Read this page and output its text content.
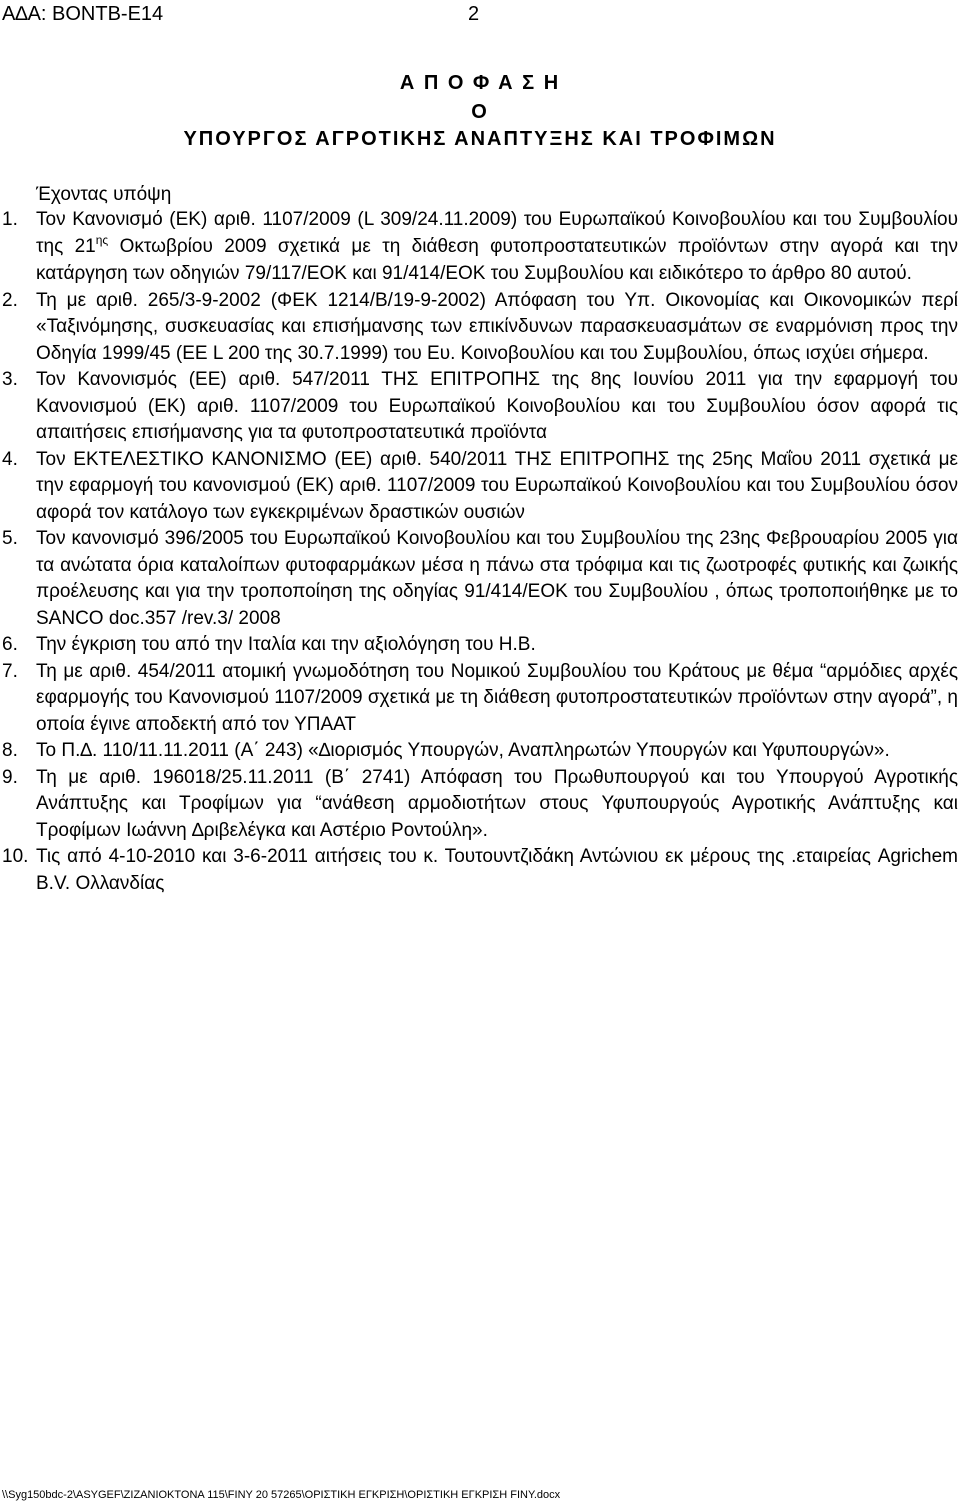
Α∆Α: ΒΟΝΤΒ-Ε14	2
Α Π Ο Φ Α Σ Η
Ο
ΥΠΟΥΡΓΟΣ ΑΓΡΟΤΙΚΗΣ ΑΝΑΠΤΥΞΗΣ ΚΑΙ ΤΡΟΦΙΜΩΝ
Έχοντας υπόψη
1. Τον Κανονισμό (ΕΚ) αριθ. 1107/2009 (L 309/24.11.2009) του Ευρωπαϊκού Κοινοβουλίου και του Συμβουλίου της $21^{\eta\varsigma}$ Οκτωβρίου 2009 σχετικά με τη διάθεση φυτοπροστατευτικών προϊόντων στην αγορά και την κατάργηση των οδηγιών 79/117/ΕΟΚ και 91/414/ΕΟΚ του Συμβουλίου και ειδικότερο το άρθρο 80 αυτού.
2. Τη με αριθ. 265/3-9-2002 (ΦΕΚ 1214/Β/19-9-2002) Απόφαση του Υπ. Οικονομίας και Οικονομικών περί «Ταξινόμησης, συσκευασίας και επισήμανσης των επικίνδυνων παρασκευασμάτων σε εναρμόνιση προς την Οδηγία 1999/45 (ΕΕ L 200 της 30.7.1999) του Ευ. Κοινοβουλίου και του Συμβουλίου, όπως ισχύει σήμερα.
3. Τον Κανονισμός (ΕΕ) αριθ. 547/2011 ΤΗΣ ΕΠΙΤΡΟΠΗΣ της 8ης Ιουνίου 2011 για την εφαρμογή του Κανονισμού (ΕΚ) αριθ. 1107/2009 του Ευρωπαϊκού Κοινοβουλίου και του Συμβουλίου όσον αφορά τις απαιτήσεις επισήμανσης για τα φυτοπροστατευτικά προϊόντα
4. Τον ΕΚΤΕΛΕΣΤΙΚΟ ΚΑΝΟΝΙΣΜΟ (ΕΕ) αριθ. 540/2011 ΤΗΣ ΕΠΙΤΡΟΠΗΣ της 25ης Μαΐου 2011 σχετικά με την εφαρμογή του κανονισμού (ΕΚ) αριθ. 1107/2009 του Ευρωπαϊκού Κοινοβουλίου και του Συμβουλίου όσον αφορά τον κατάλογο των εγκεκριμένων δραστικών ουσιών
5. Τον κανονισμό 396/2005 του Ευρωπαϊκού Κοινοβουλίου και του Συμβουλίου της 23ης Φεβρουαρίου 2005 για τα ανώτατα όρια καταλοίπων φυτοφαρμάκων μέσα η πάνω στα τρόφιμα και τις ζωοτροφές φυτικής και ζωικής προέλευσης και για την τροποποίηση της οδηγίας 91/414/ΕΟΚ του Συμβουλίου , όπως τροποποιήθηκε με το SANCO doc.357 /rev.3/ 2008
6. Την έγκριση του από την Ιταλία και την αξιολόγηση του Η.Β.
7. Τη με αριθ. 454/2011 ατομική γνωμοδότηση του Νομικού Συμβουλίου του Κράτους με θέμα “αρμόδιες αρχές εφαρμογής του Κανονισμού 1107/2009 σχετικά με τη διάθεση φυτοπροστατευτικών προϊόντων στην αγορά”, η οποία έγινε αποδεκτή από τον ΥΠΑΑΤ
8. Το Π.∆. 110/11.11.2011 (Α΄ 243) «∆ιορισμός Υπουργών, Αναπληρωτών Υπουργών και Υφυπουργών».
9. Τη με αριθ. 196018/25.11.2011 (Β΄ 2741) Απόφαση του Πρωθυπουργού και του Υπουργού Αγροτικής Ανάπτυξης και Τροφίμων για “ανάθεση αρμοδιοτήτων στους Υφυπουργούς Αγροτικής Ανάπτυξης και Τροφίμων Ιωάννη ∆ριβελέγκα και Αστέριο Ροντούλη».
10. Τις από 4-10-2010 και 3-6-2011 αιτήσεις του κ. Τουτουντζιδάκη Αντώνιου εκ μέρους της .εταιρείας Agrichem B.V. Ολλανδίας
\\Syg150bdc-2\ASYGEF\ZIZANIOKTONA 115\FINY 20 57265\ΟΡΙΣΤΙΚΗ ΕΓΚΡΙΣΗ\ΟΡΙΣΤΙΚΗ ΕΓΚΡΙΣΗ FINY.docx
